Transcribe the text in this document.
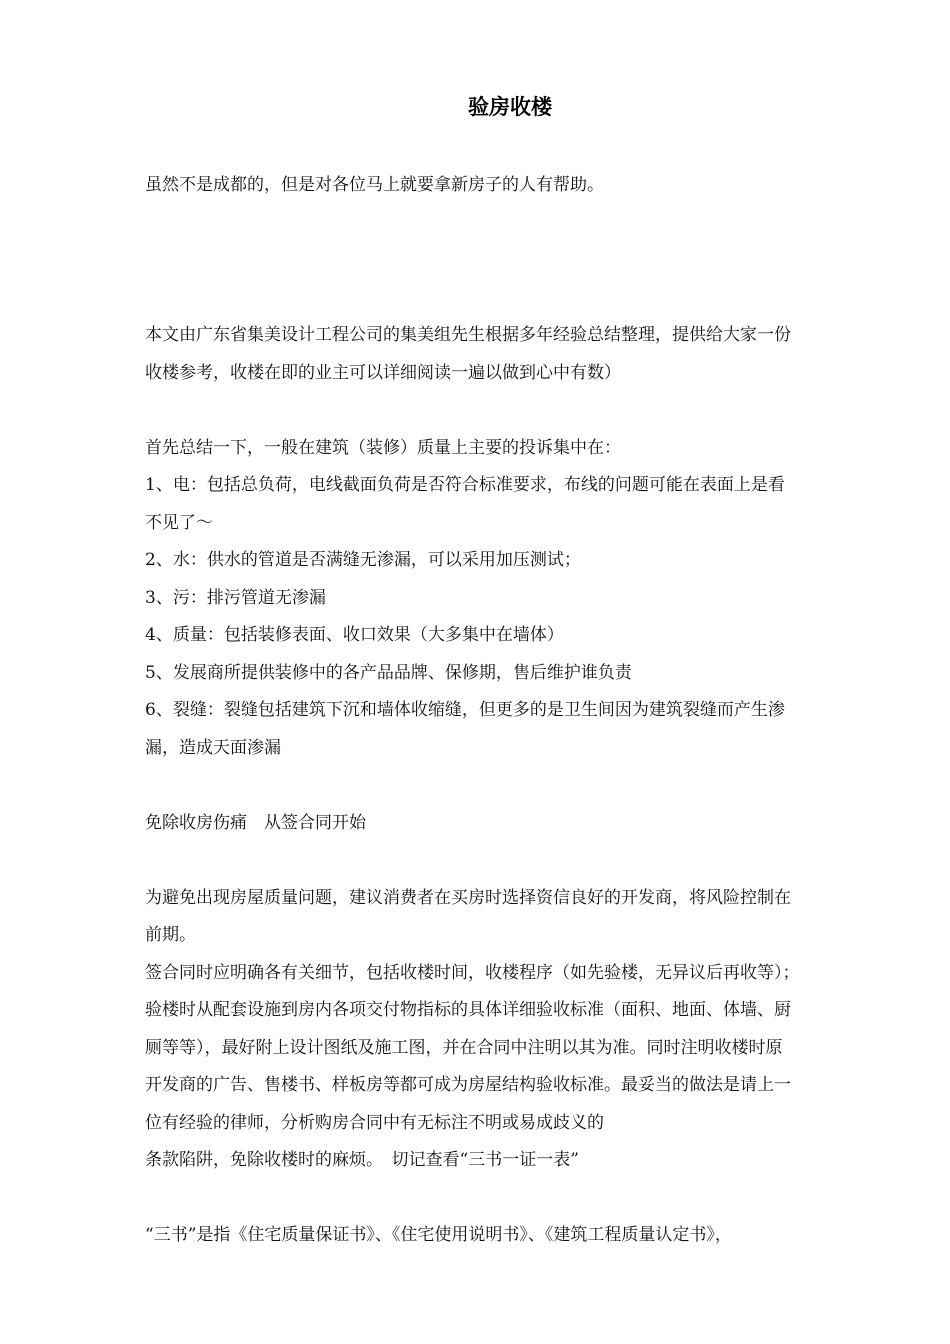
验房收楼
虽然不是成都的，但是对各位马上就要拿新房子的人有帮助。
本文由广东省集美设计工程公司的集美组先生根据多年经验总结整理，提供给大家一份
收楼参考，收楼在即的业主可以详细阅读一遍以做到心中有数）
首先总结一下，一般在建筑（装修）质量上主要的投诉集中在：
1、电：包括总负荷，电线截面负荷是否符合标准要求，布线的问题可能在表面上是看
不见了～
2、水：供水的管道是否满缝无渗漏，可以采用加压测试；
3、污：排污管道无渗漏
4、质量：包括装修表面、收口效果（大多集中在墙体）
5、发展商所提供装修中的各产品品牌、保修期，售后维护谁负责
6、裂缝：裂缝包括建筑下沉和墙体收缩缝，但更多的是卫生间因为建筑裂缝而产生渗
漏，造成天面渗漏
免除收房伤痛　从签合同开始
为避免出现房屋质量问题，建议消费者在买房时选择资信良好的开发商，将风险控制在
前期。
签合同时应明确各有关细节，包括收楼时间，收楼程序（如先验楼，无异议后再收等）；
验楼时从配套设施到房内各项交付物指标的具体详细验收标准（面积、地面、体墙、厨
厕等等），最好附上设计图纸及施工图，并在合同中注明以其为准。同时注明收楼时原
开发商的广告、售楼书、样板房等都可成为房屋结构验收标准。最妥当的做法是请上一
位有经验的律师，分析购房合同中有无标注不明或易成歧义的
条款陷阱，免除收楼时的麻烦。　切记查看“三书一证一表”
“三书”是指《住宅质量保证书》、《住宅使用说明书》、《建筑工程质量认定书》，
